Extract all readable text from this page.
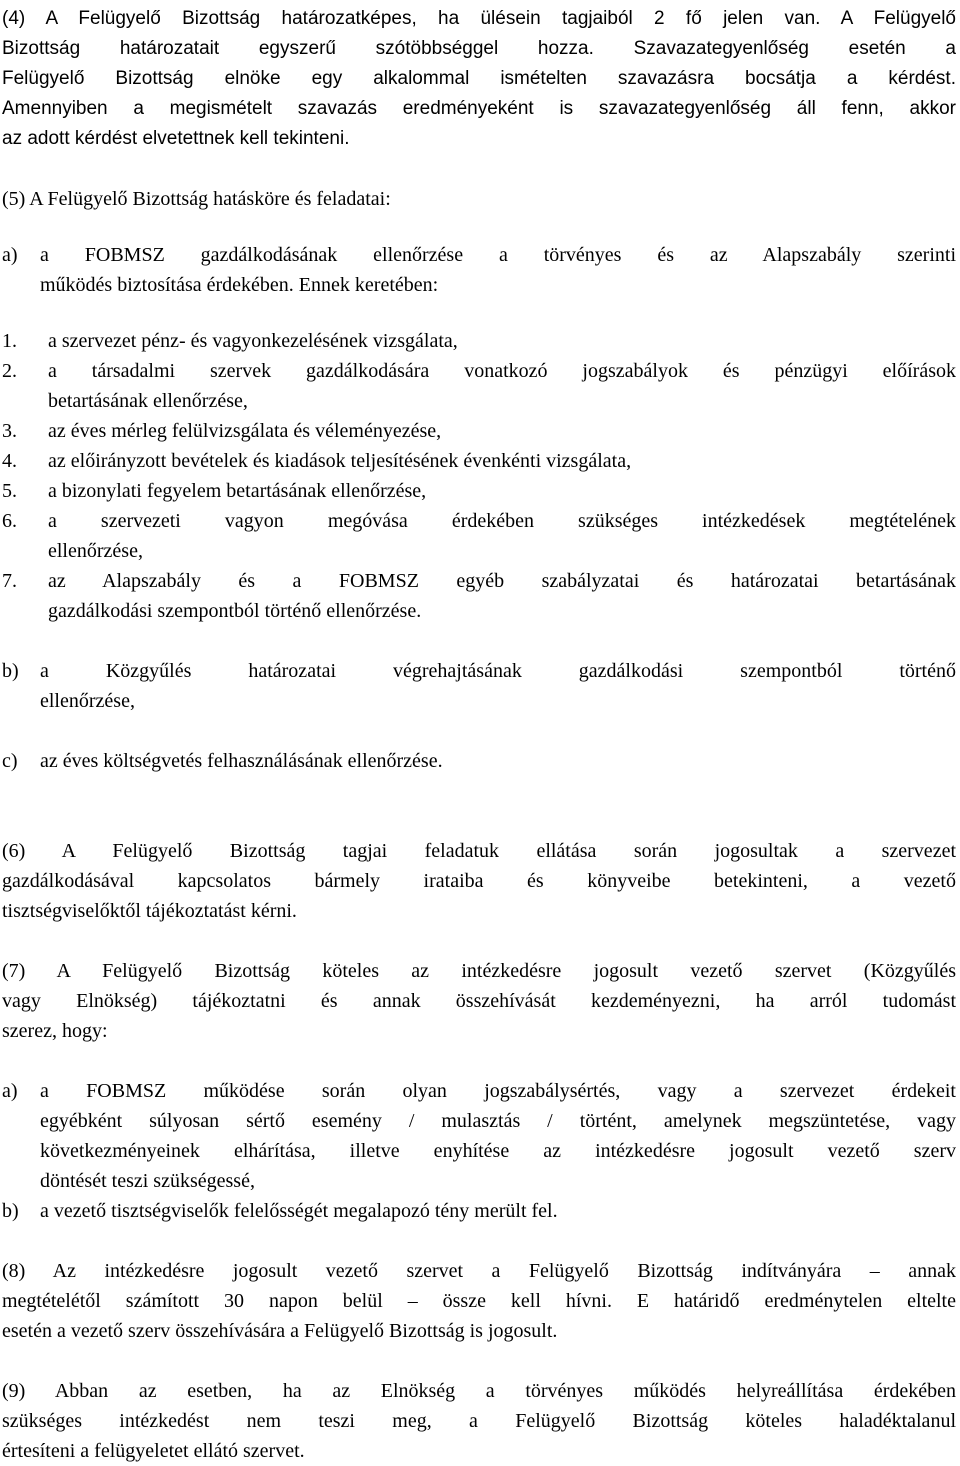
(4) A Felügyelő Bizottság határozatképes, ha ülésein tagjaiból 2 fő jelen van. A Felügyelő
Bizottság határozatait egyszerű szótöbbséggel hozza. Szavazategyenlőség esetén a
Felügyelő Bizottság elnöke egy alkalommal ismételten szavazásra bocsátja a kérdést.
Amennyiben a megismételt szavazás eredményeként is szavazategyenlőség áll fenn, akkor
az adott kérdést elvetettnek kell tekinteni.
(5) A Felügyelő Bizottság hatásköre és feladatai:
a) a FOBMSZ gazdálkodásának ellenőrzése a törvényes és az Alapszabály szerinti
működés biztosítása érdekében. Ennek keretében:
1. a szervezet pénz- és vagyonkezelésének vizsgálata,
2. a társadalmi szervek gazdálkodására vonatkozó jogszabályok és pénzügyi előírások
betartásának ellenőrzése,
3. az éves mérleg felülvizsgálata és véleményezése,
4. az előirányzott bevételek és kiadások teljesítésének évenkénti vizsgálata,
5. a bizonylati fegyelem betartásának ellenőrzése,
6. a szervezeti vagyon megóvása érdekében szükséges intézkedések megtételének
ellenőrzése,
7. az Alapszabály és a FOBMSZ egyéb szabályzatai és határozatai betartásának
gazdálkodási szempontból történő ellenőrzése.
b) a Közgyűlés határozatai végrehajtásának gazdálkodási szempontból történő
ellenőrzése,
c) az éves költségvetés felhasználásának ellenőrzése.
(6) A Felügyelő Bizottság tagjai feladatuk ellátása során jogosultak a szervezet
gazdálkodásával kapcsolatos bármely irataiba és könyveibe betekinteni, a vezető
tisztségviselőktől tájékoztatást kérni.
(7) A Felügyelő Bizottság köteles az intézkedésre jogosult vezető szervet (Közgyűlés
vagy Elnökség) tájékoztatni és annak összehívását kezdeményezni, ha arról tudomást
szerez, hogy:
a) a FOBMSZ működése során olyan jogszabálysértés, vagy a szervezet érdekeit
egyébként súlyosan sértő esemény / mulasztás / történt, amelynek megszüntetése, vagy
következményeinek elhárítása, illetve enyhítése az intézkedésre jogosult vezető szerv
döntését teszi szükségessé,
b) a vezető tisztségviselők felelősségét megalapozó tény merült fel.
(8) Az intézkedésre jogosult vezető szervet a Felügyelő Bizottság indítványára – annak
megtételétől számított 30 napon belül – össze kell hívni. E határidő eredménytelen eltelte
esetén a vezető szerv összehívására a Felügyelő Bizottság is jogosult.
(9) Abban az esetben, ha az Elnökség a törvényes működés helyreállítása érdekében
szükséges intézkedést nem teszi meg, a Felügyelő Bizottság köteles haladéktalanul
értesíteni a felügyeletet ellátó szervet.
